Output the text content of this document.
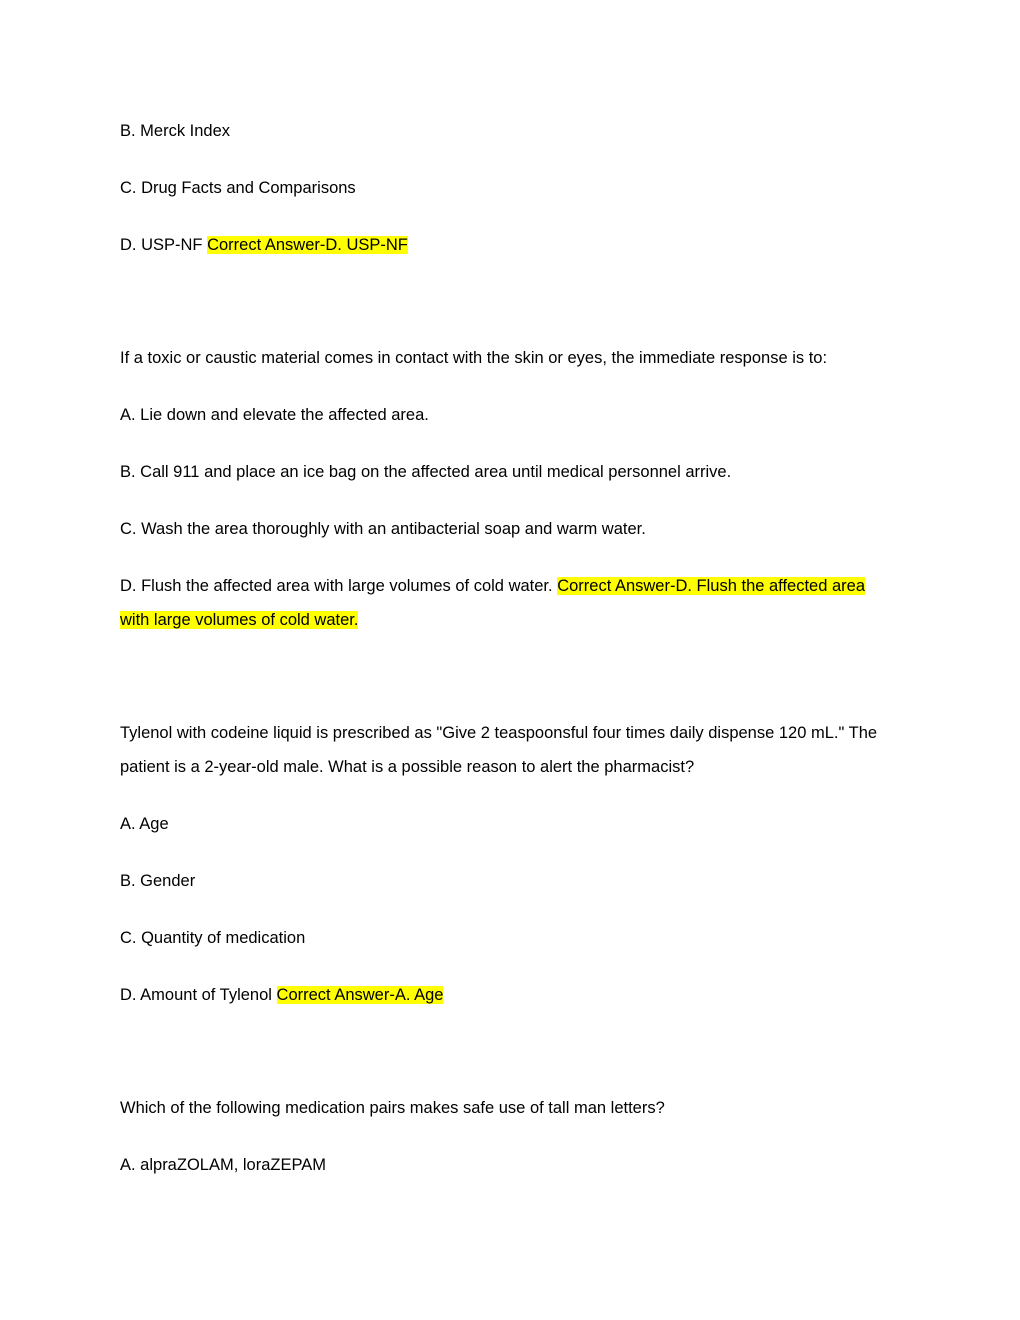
B. Merck Index
C. Drug Facts and Comparisons
D. USP-NF Correct Answer-D. USP-NF
If a toxic or caustic material comes in contact with the skin or eyes, the immediate response is to:
A. Lie down and elevate the affected area.
B. Call 911 and place an ice bag on the affected area until medical personnel arrive.
C. Wash the area thoroughly with an antibacterial soap and warm water.
D. Flush the affected area with large volumes of cold water. Correct Answer-D. Flush the affected area
with large volumes of cold water.
Tylenol with codeine liquid is prescribed as "Give 2 teaspoonsful four times daily dispense 120 mL." The
patient is a 2-year-old male. What is a possible reason to alert the pharmacist?
A. Age
B. Gender
C. Quantity of medication
D. Amount of Tylenol Correct Answer-A. Age
Which of the following medication pairs makes safe use of tall man letters?
A. alpraZOLAM, loraZEPAM
